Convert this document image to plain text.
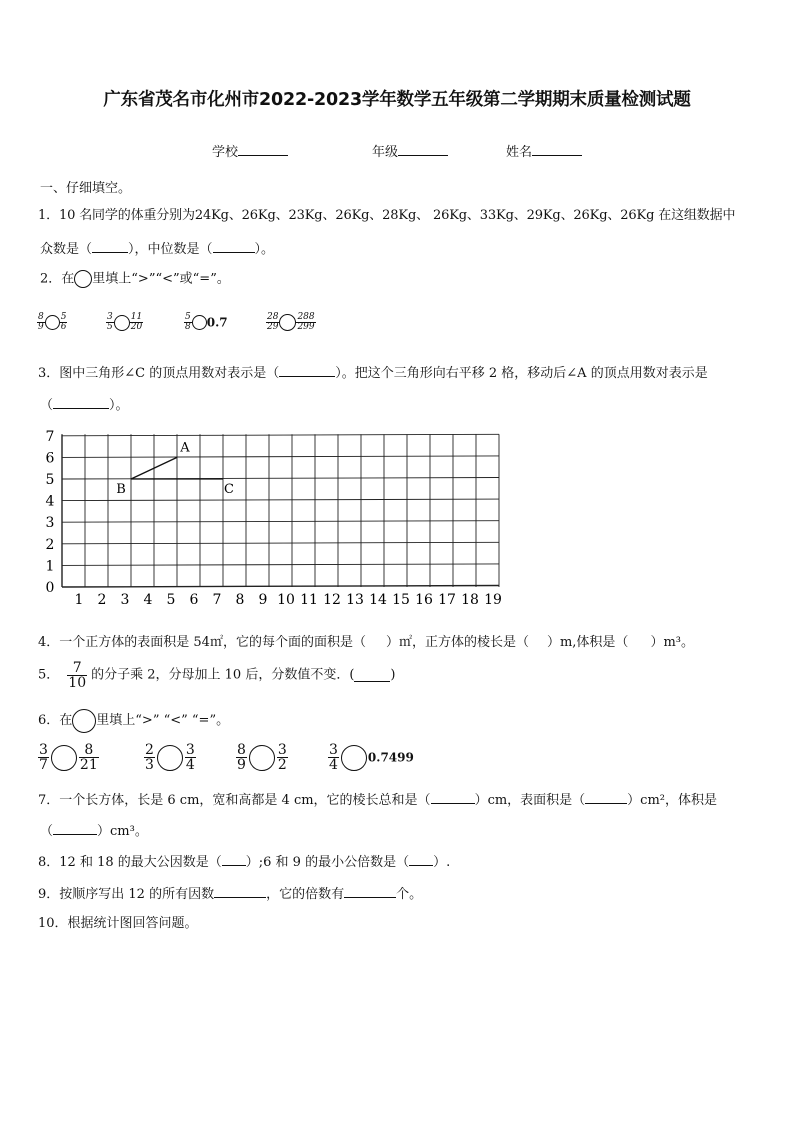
广东省茂名市化州市2022-2023学年数学五年级第二学期期末质量检测试题
学校	年级	姓名
一、仔细填空。
1．10 名同学的体重分别为24Kg、26Kg、23Kg、26Kg、28Kg、 26Kg、33Kg、29Kg、26Kg、26Kg 在这组数据中
众数是（	），中位数是（	）。
2．在 里填上“>”“<”或“=”。
$\frac{8}{9} \frac{5}{6}$	$\frac{3}{5} \frac{11}{20}$	$\frac{5}{8} 0.7$	$\frac{28}{29} \frac{288}{299}$
3．图中三角形∠C 的顶点用数对表示是（	）。把这个三角形向右平移 2 格，移动后∠A 的顶点用数对表示是
（	）。
0
1
2
3
4
5
6
7
1 2 3 4 5 6 7 8 9 10 11 12 13 14 15 16 17 18 19
A
B	C
4．一个正方体的表面积是 54㎡，它的每个面的面积是（ ）㎡，正方体的棱长是（ ）m,体积是（ ）m³。
5． $\frac{7}{10}$ 的分子乘 2，分母加上 10 后，分数值不变．(	)
6．在 里填上“>” “<” “=”。
$\frac{3}{7} \frac{8}{21}$	$\frac{2}{3} \frac{3}{4}$	$\frac{8}{9} \frac{3}{2}$	$\frac{3}{4} 0.7499$
7．一个长方体，长是 6 cm，宽和高都是 4 cm，它的棱长总和是（	）cm，表面积是（	）cm²，体积是
（	）cm³。
8．12 和 18 的最大公因数是（ ）;6 和 9 的最小公倍数是（ ）.
9．按顺序写出 12 的所有因数	，它的倍数有	个。
10．根据统计图回答问题。
